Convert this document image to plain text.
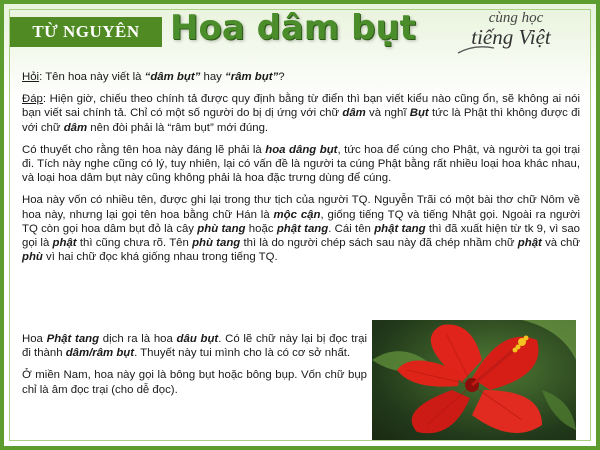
TỪ NGUYÊN Hoa dâm bụt	cùng học
tiếng Việt

Hỏi: Tên hoa này viết là “dâm bụt” hay “râm bụt”?

Đáp: Hiện giờ, chiếu theo chính tả được quy định bằng từ điển thì bạn viết kiểu nào cũng ổn, sẽ không ai nói bạn viết sai chính tả. Chỉ có một số người do bị dị ứng với chữ dâm và nghĩ Bụt tức là Phật thì không được đi với chữ dâm nên đòi phải là “râm bụt” mới đúng.

Có thuyết cho rằng tên hoa này đáng lẽ phải là hoa dâng bụt, tức hoa để cúng cho Phật, và người ta gọi trại đi. Tích này nghe cũng có lý, tuy nhiên, lại có vấn đề là người ta cúng Phật bằng rất nhiều loại hoa khác nhau, và loại hoa dâm bụt này cũng không phải là hoa đặc trưng dùng để cúng.

Hoa này vốn có nhiều tên, được ghi lại trong thư tịch của người TQ. Nguyễn Trãi có một bài thơ chữ Nôm về hoa này, nhưng lại gọi tên hoa bằng chữ Hán là mộc cận, giống tiếng TQ và tiếng Nhật gọi. Ngoài ra người TQ còn gọi hoa dâm bụt đỏ là cây phù tang hoặc phật tang. Cái tên phật tang thì đã xuất hiện từ tk 9, vì sao gọi là phật thì cũng chưa rõ. Tên phù tang thì là do người chép sách sau này đã chép nhầm chữ phật và chữ phù vì hai chữ đọc khá giống nhau trong tiếng TQ.

Hoa Phật tang dịch ra là hoa dâu bụt. Có lẽ chữ này lại bị đọc trại đi thành dâm/râm bụt. Thuyết này tui mình cho là có cơ sở nhất.

Ở miền Nam, hoa này gọi là bông bụt hoặc bông bụp. Vốn chữ bụp chỉ là âm đọc trại (cho dễ đọc).
